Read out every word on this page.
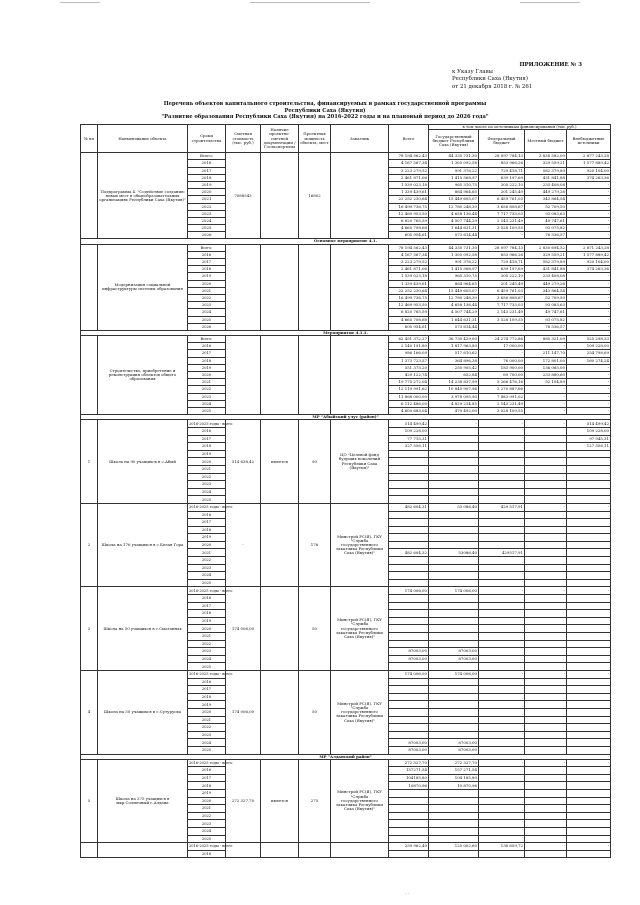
ПРИЛОЖЕНИЕ № 3
к Указу Главы
Республики Саха (Якутия)
от 21 декабря 2018 г. № 261
Перечень объектов капитального строительства, финансируемых в рамках государственной программы Республики Саха (Якутия)
"Развитие образования Республики Саха (Якутия) на 2016-2022 годы и на плановый период до 2026 года"
№ пп	Наименование объекта	Сроки строительства	Сметная стоимость (тыс. руб.)	Наличие проектно-сметной документации /Госэкспертизы	Проектная мощность объекта, мест	Заказчик	Всего	в том числе по источникам финансирования (тыс.руб.)			
								Государственный бюджет Республики Саха (Якутия)	Федеральный бюджет	Местный бюджет	Внебюджетные источники
	Подпрограмма 4. "Содействие созданию новых мест в общеобразовательных организациях Республики Саха (Якутия)"	Всего:	7088543		16802		78 194 562,43	44 335 731,30	28 097 784,13	3 836 582,09	2 877 243,28
		2016					4 167 567,34	1 305 092,58	853 966,26	329 559,21	1 577 889,42
		2017					3 223 279,52	991 376,22	729 418,71	582 379,89	920 104,00
		2018					2 461 871,06	1 415 568,97	639 197,69	431 841,88	374 263,36
		2019					1 539 023,18	965 310,75	305 222,10	233 408,08	-
		2020					1 339 439,61	864 964,65	201 245,49	449 279,26	-
		2021					22 252 230,64	15 449 605,07	6 459 761,03	343 864,54	-
		2022					16 499 736,75	12 780 248,30	3 656 808,67	52 709,50	-
		2023					12 469 953,50	4 658 136,44	7 717 733,03	93 083,63	-
		2024					6 820 765,59	4 507 744,29	2 143 231,49	49 747,61	-
		2025					4 665 708,68	1 644 631,31	3 528 109,55	93 075,82	-
		2026					605 954,61	573 614,44	-	76 536,57	-
Основное мероприятие 4.1.											
	Модернизация социальной инфраструктуры системы образования	Всего:					78 194 562,43	44 335 731,30	28 097 784,13	2 830 694,52	2 871 243,28
		2016					4 167 567,34	1 305 092,58	853 966,26	329 559,21	1 577 889,42
		2017					3 223 279,52	991 376,22	729 418,71	582 379,89	920 104,00
		2018					2 461 871,06	1 415 568,97	639 197,69	431 841,88	374 263,36
		2019					1 539 023,18	965 310,75	305 222,10	233 408,08	-
		2020					1 339 439,61	864 964,65	201 245,49	449 279,26	-
		2021					22 252 230,64	15 449 605,07	6 459 761,03	343 864,54	-
		2022					16 499 736,75	12 780 248,30	3 656 808,67	52 709,50	-
		2023					12 469 953,50	4 658 136,44	7 717 733,03	93 083,63	-
		2024					6 820 765,59	4 507 744,29	2 143 231,49	49 747,61	-
		2025					4 665 708,68	1 644 631,31	3 528 109,55	93 075,82	-
		2026					605 954,61	573 614,44	-	76 536,57	-
Мероприятие 4.1.1.											
	Строительство, приобретение и реконструкция объектов общего образования	Всего:					62 451 372,27	36 730 429,00	24 274 772,86	880 321,09	525 298,33
		2016					2 140 191,80	1 817 963,80	17 000,00	-	109 228,00
		2017					986 166,09	517 610,62	-	211 147,70	254 798,69
		2018					1 373 723,57	364 896,38	76 000,00	172 801,00	160 274,24
		2019					551 375,20	250 905,42	183 900,00	136 065,00	-
		2020					429 122,74	652,84	69 700,00	233 880,60	-
		2021					19 775 272,04	14 238 837,99	5 266 476,16	52 104,89	-
		2022					12 119 991,62	10 845 907,96	2 270 887,66	-	-
		2023					11 868 000,00	3 978 095,90	7 883 991,02	-	-
		2024					6 112 486,00	4 829 214,85	2 143 231,49	-	-
		2025					4 600 683,04	479 492,00	3 528 109,55	-	-
МР "Абыйский улус (район)"											
1	Школа на 90 учащихся в с.Абый	2016-2025 годы - всего	514 638,42	имеется	90	ЦО "Целевой фонд будущих поколений Республики Саха (Якутия)"	514 499,42	-	-	-	514 499,42
		2016					109 228,00				109 228,00
		2017					77 715,31				97 945,31
		2018					327 556,11				127 556,11
		2019									
		2020									
		2021									
		2022									
		2023									
		2024									
		2025									
2	Школа на 176 учащихся в с.Белая Гора	2016-2025 годы - всего	-		176	Минстрой РС(Я), ГКУ "Служба государственного заказчика Республики Саха (Якутия)"	482 604,31	53 086,40	429 517,91	-	-
		2016									
		2017									
		2018									
		2019									
		2020									
		2021					482 604,32	53086,40	429517,91		
		2022									
		2023									
		2024									
		2025									
3	Школа на 50 учащихся в с.Сыаганнах	2016-2025 годы - всего	174 006,00		50	Минстрой РС(Я), ГКУ "Служба государственного заказчика Республики Саха (Якутия)"	174 006,00	174 006,00	-	-	-
		2016									
		2017									
		2018									
		2019									
		2020									
		2021									
		2022									
		2023					87003,00	87003,00			
		2024					87003,00	87003,00			
		2025									
4	Школа на 50 учащихся в с.Сутуруоха	2016-2025 годы - всего	174 006,00		50	Минстрой РС(Я), ГКУ "Служба государственного заказчика Республики Саха (Якутия)"	174 006,00	174 006,00	-	-	-
		2016									
		2017									
		2018									
		2019									
		2020									
		2021									
		2022									
		2023									
		2024					87003,00	87003,00			
		2025					87003,00	87003,00			
МР "Алданский район"											
5	Школа на 275 учащихся в мкр.Солнечный г.Алдана	2016-2025 годы - всего	272 327,70	имеется	275	Минстрой РС(Я), ГКУ "Служба государственного заказчика Республики Саха (Якутия)"	272 327,70	272 327,70	-	-	-
		2016					157271,54	157 271,54			
		2017					104185,80	104 185,80			
		2018					10870,96	10 870,96			
		2019									
		2020									
		2021									
		2022									
		2023									
		2024									
		2025									
		2016-2025 годы - всего					259 962,49	125 002,60	138 659,72	-	-
		2016									
· ·
